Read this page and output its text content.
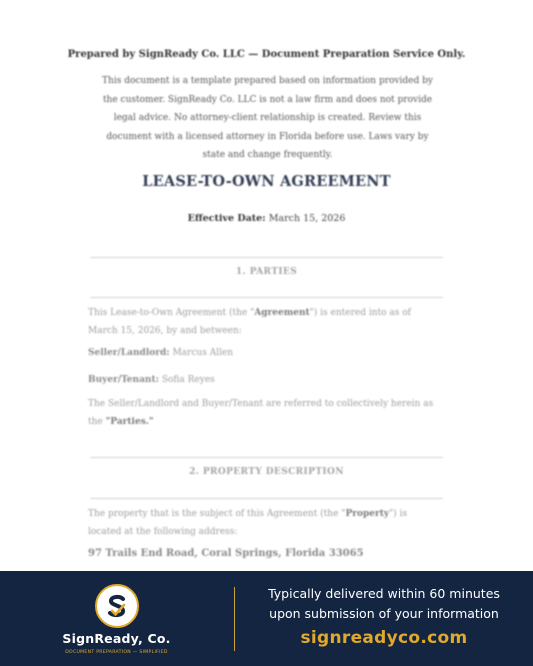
Prepared by SignReady Co. LLC — Document Preparation Service Only.
This document is a template prepared based on information provided by the customer. SignReady Co. LLC is not a law firm and does not provide legal advice. No attorney-client relationship is created. Review this document with a licensed attorney in Florida before use. Laws vary by state and change frequently.
LEASE-TO-OWN AGREEMENT
Effective Date: March 15, 2026
1. PARTIES
This Lease-to-Own Agreement (the "Agreement") is entered into as of March 15, 2026, by and between:
Seller/Landlord: Marcus Allen
Buyer/Tenant: Sofia Reyes
The Seller/Landlord and Buyer/Tenant are referred to collectively herein as the "Parties."
2. PROPERTY DESCRIPTION
The property that is the subject of this Agreement (the "Property") is located at the following address:
97 Trails End Road, Coral Springs, Florida 33065
SignReady, Co.
DOCUMENT PREPARATION — SIMPLIFIED
Typically delivered within 60 minutes
upon submission of your information
signreadyco.com
